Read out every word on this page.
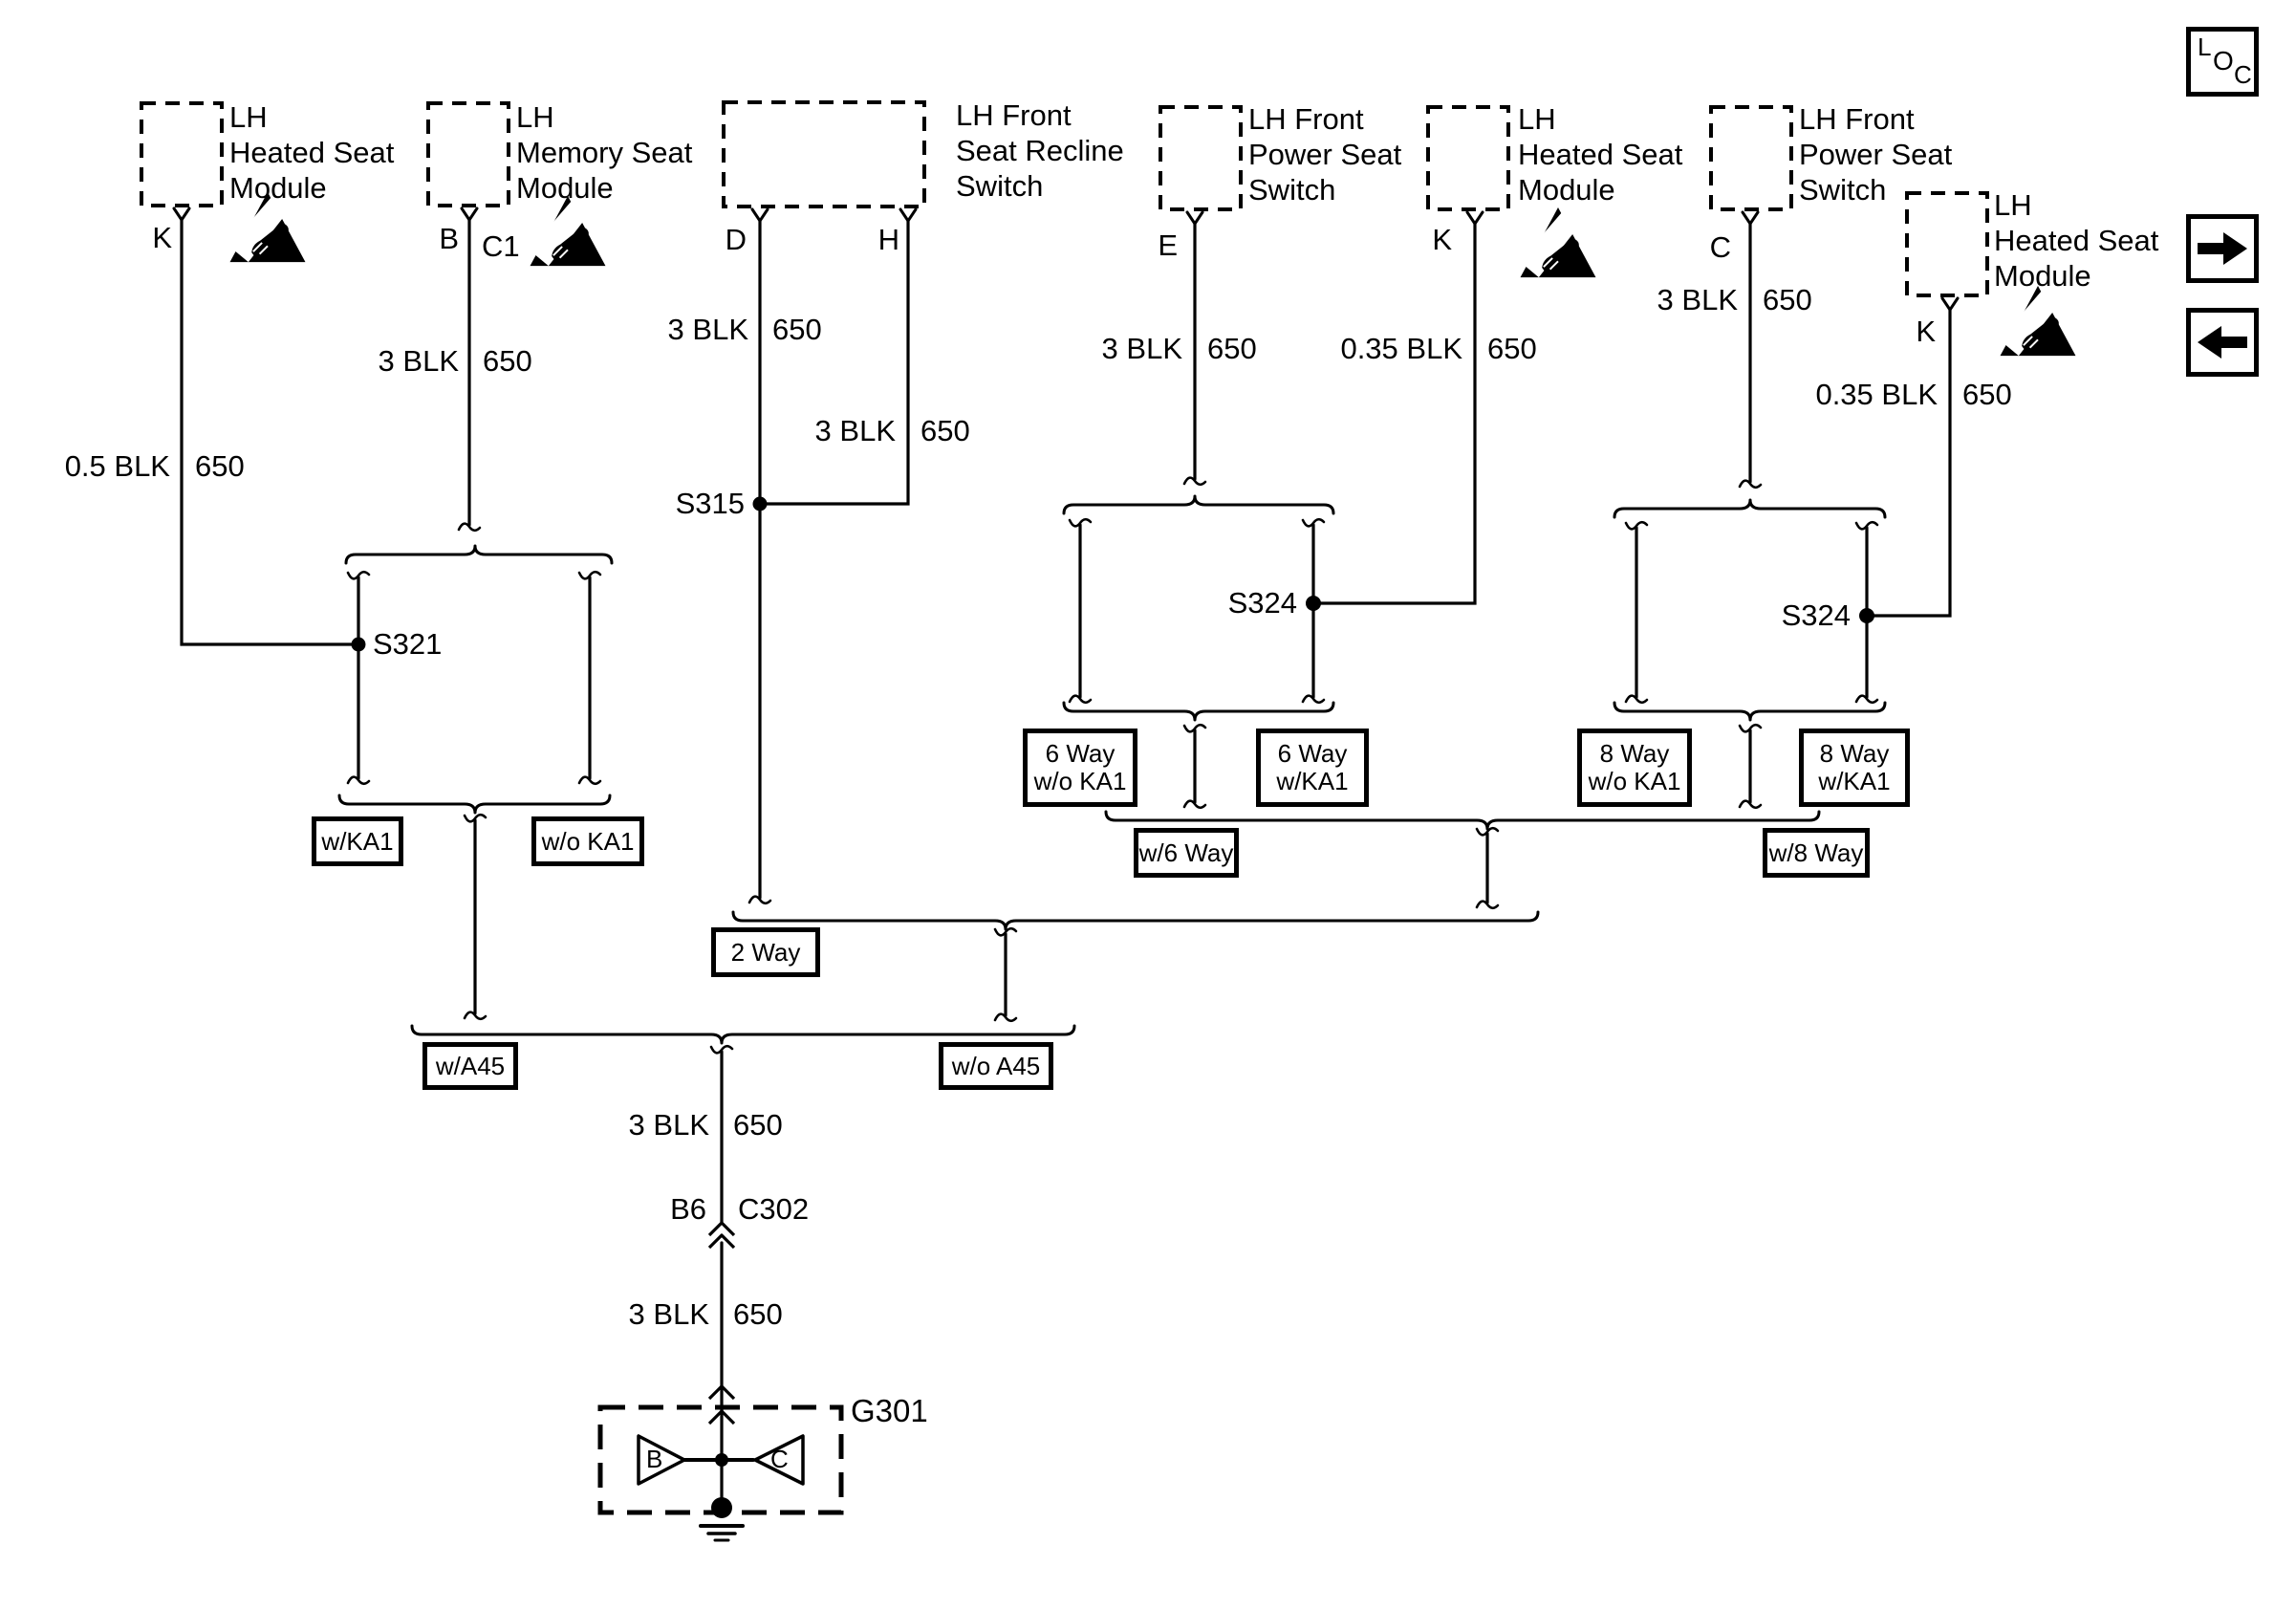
LH
Heated Seat
Module
LH
Memory Seat
Module
LH Front
Seat Recline
Switch
LH Front
Power Seat
Switch
LH
Heated Seat
Module
LH Front
Power Seat
Switch	LH
Heated Seat
Module
K	B C1	D	H	E	K	C
K
0.5 BLK 650
3 BLK 650
3 BLK 650
3 BLK 650
3 BLK 650	0.35 BLK 650
3 BLK 650
0.35 BLK 650
3 BLK 650
3 BLK 650
S321
S315
S324	S324
B6 C302
G301
B	C
w/KA1	w/o KA1
6 Way
w/o KA1
6 Way
w/KA1
8 Way
w/o KA1
8 Way
w/KA1
w/6 Way	w/8 Way
2 Way
w/A45	w/o A45
L O C
